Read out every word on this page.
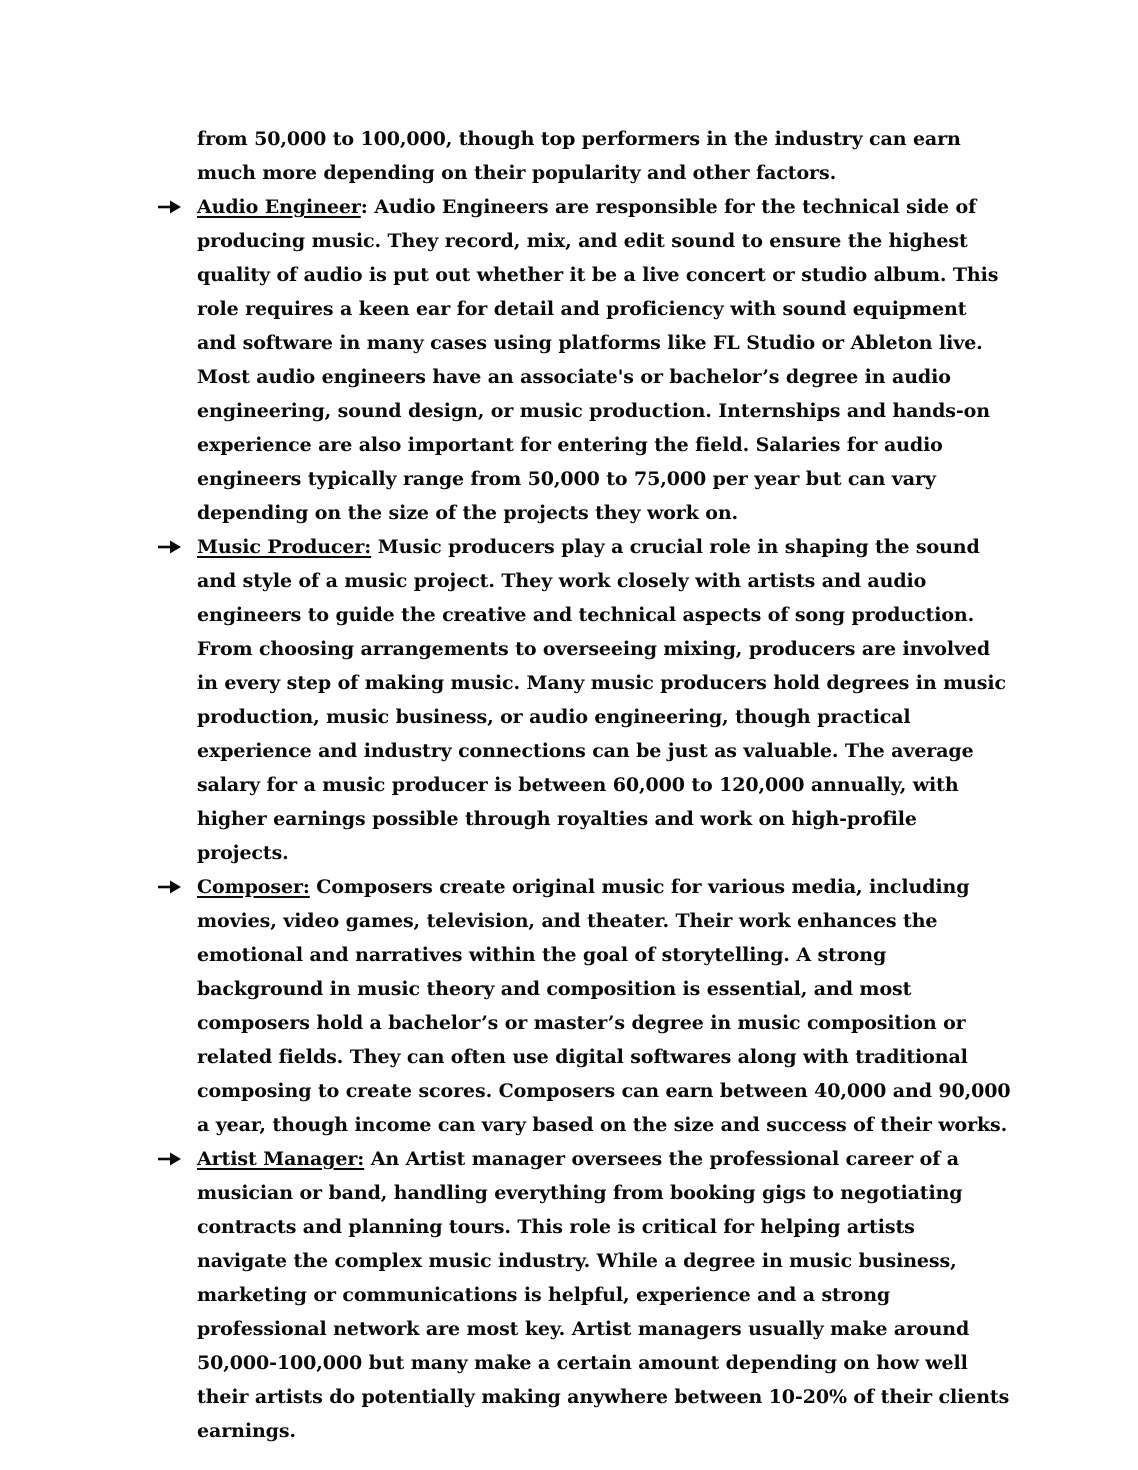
from 50,000 to 100,000, though top performers in the industry can earn much more depending on their popularity and other factors.

Audio Engineer: Audio Engineers are responsible for the technical side of producing music. They record, mix, and edit sound to ensure the highest quality of audio is put out whether it be a live concert or studio album. This role requires a keen ear for detail and proficiency with sound equipment and software in many cases using platforms like FL Studio or Ableton live. Most audio engineers have an associate's or bachelor’s degree in audio engineering, sound design, or music production. Internships and hands-on experience are also important for entering the field. Salaries for audio engineers typically range from 50,000 to 75,000 per year but can vary depending on the size of the projects they work on.
Music Producer: Music producers play a crucial role in shaping the sound and style of a music project. They work closely with artists and audio engineers to guide the creative and technical aspects of song production. From choosing arrangements to overseeing mixing, producers are involved in every step of making music. Many music producers hold degrees in music production, music business, or audio engineering, though practical experience and industry connections can be just as valuable. The average salary for a music producer is between 60,000 to 120,000 annually, with higher earnings possible through royalties and work on high-profile projects.
Composer: Composers create original music for various media, including movies, video games, television, and theater. Their work enhances the emotional and narratives within the goal of storytelling. A strong background in music theory and composition is essential, and most composers hold a bachelor’s or master’s degree in music composition or related fields. They can often use digital softwares along with traditional composing to create scores. Composers can earn between 40,000 and 90,000 a year, though income can vary based on the size and success of their works.
Artist Manager: An Artist manager oversees the professional career of a musician or band, handling everything from booking gigs to negotiating contracts and planning tours. This role is critical for helping artists navigate the complex music industry. While a degree in music business, marketing or communications is helpful, experience and a strong professional network are most key. Artist managers usually make around 50,000-100,000 but many make a certain amount depending on how well their artists do potentially making anywhere between 10-20% of their clients earnings.
